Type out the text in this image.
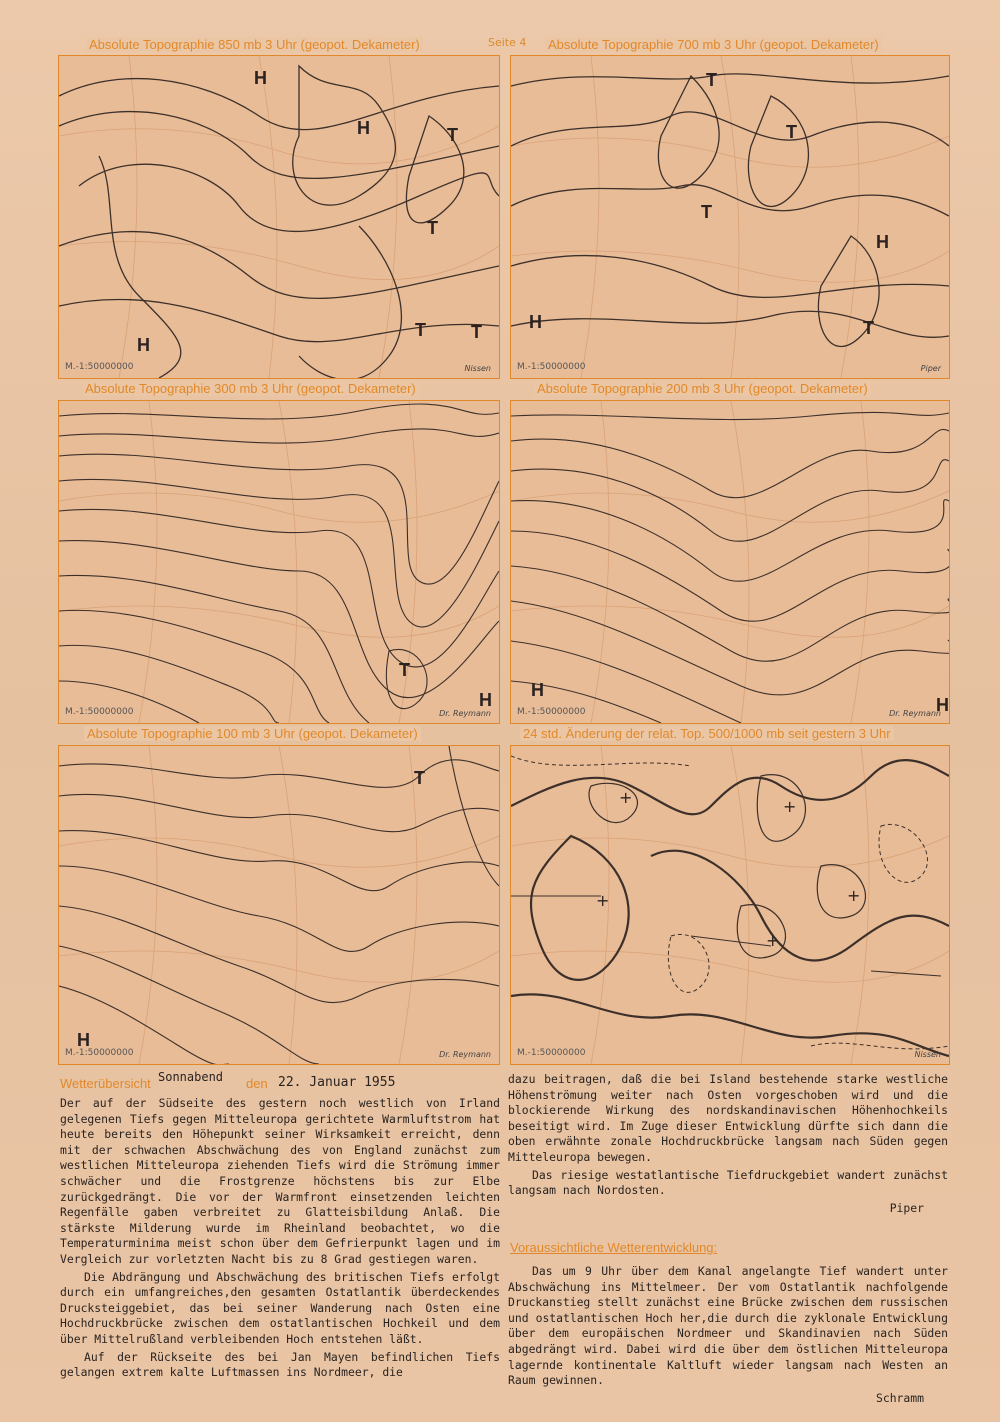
Seite 4
Absolute Topographie 850 mb 3 Uhr (geopot. Dekameter)	Absolute Topographie 700 mb 3 Uhr (geopot. Dekameter)
Absolute Topographie 300 mb 3 Uhr (geopot. Dekameter)	Absolute Topographie 200 mb 3 Uhr (geopot. Dekameter)
Absolute Topographie 100 mb 3 Uhr (geopot. Dekameter)	24 std. Änderung der relat. Top. 500/1000 mb seit gestern 3 Uhr
H
H	T
T
T	T
H
M.-1:50000000	Nissen
T
T
T
H
T
H
M.-1:50000000	Piper
T
H
M.-1:50000000	Dr. Reymann
H
H
M.-1:50000000	Dr. Reymann
T
H
M.-1:50000000	Dr. Reymann
+	+
+
+
+
M.-1:50000000	Nissen
Wetterübersicht Sonnabend den 22. Januar 1955

Der auf der Südseite des gestern noch westlich von Irland gelegenen Tiefs gegen Mitteleuropa gerichtete Warmluftstrom hat heute bereits den Höhepunkt seiner Wirksamkeit erreicht, denn mit der schwachen Abschwächung des von England zunächst zum westlichen Mitteleuropa ziehenden Tiefs wird die Strömung immer schwächer und die Frostgrenze höchstens bis zur Elbe zurückgedrängt. Die vor der Warmfront einsetzenden leichten Regenfälle gaben verbreitet zu Glatteisbildung Anlaß. Die stärkste Milderung wurde im Rheinland beobachtet, wo die Temperaturminima meist schon über dem Gefrierpunkt lagen und im Vergleich zur vorletzten Nacht bis zu 8 Grad gestiegen waren.

Die Abdrängung und Abschwächung des britischen Tiefs erfolgt durch ein umfangreiches,den gesamten Ostatlantik überdeckendes Drucksteiggebiet, das bei seiner Wanderung nach Osten eine Hochdruckbrücke zwischen dem ostatlantischen Hochkeil und dem über Mittelrußland verbleibenden Hoch entstehen läßt.

Auf der Rückseite des bei Jan Mayen befindlichen Tiefs gelangen extrem kalte Luftmassen ins Nordmeer, die

dazu beitragen, daß die bei Island bestehende starke westliche Höhenströmung weiter nach Osten vorgeschoben wird und die blockierende Wirkung des nordskandinavischen Höhenhochkeils beseitigt wird. Im Zuge dieser Entwicklung dürfte sich dann die oben erwähnte zonale Hochdruckbrücke langsam nach Süden gegen Mitteleuropa bewegen.

Das riesige westatlantische Tiefdruckgebiet wandert zunächst langsam nach Nordosten.

Piper

Voraussichtliche Wetterentwicklung:

Das um 9 Uhr über dem Kanal angelangte Tief wandert unter Abschwächung ins Mittelmeer. Der vom Ostatlantik nachfolgende Druckanstieg stellt zunächst eine Brücke zwischen dem russischen und ostatlantischen Hoch her,die durch die zyklonale Entwicklung über dem europäischen Nordmeer und Skandinavien nach Süden abgedrängt wird. Dabei wird die über dem östlichen Mitteleuropa lagernde kontinentale Kaltluft wieder langsam nach Westen an Raum gewinnen.

Schramm
